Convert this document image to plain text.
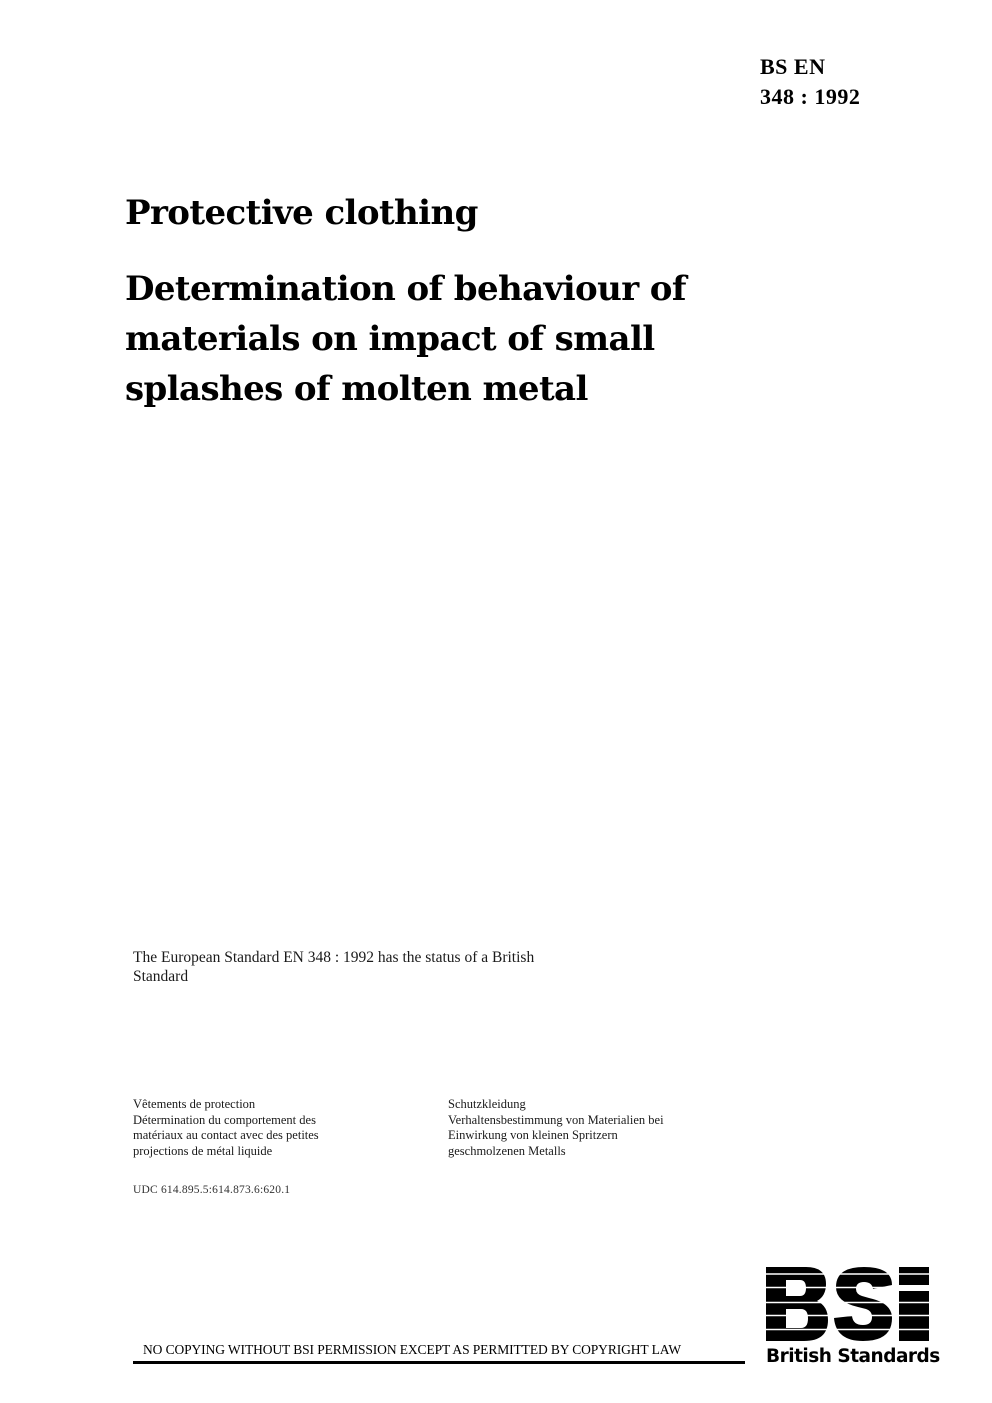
BS EN
348 : 1992
Protective clothing
Determination of behaviour of materials on impact of small splashes of molten metal

The European Standard EN 348 : 1992 has the status of a British Standard

Vêtements de protection
Détermination du comportement des
matériaux au contact avec des petites
projections de métal liquide
Schutzkleidung
Verhaltensbestimmung von Materialien bei
Einwirkung von kleinen Spritzern
geschmolzenen Metalls
UDC 614.895.5:614.873.6:620.1
NO COPYING WITHOUT BSI PERMISSION EXCEPT AS PERMITTED BY COPYRIGHT LAW	British Standards
